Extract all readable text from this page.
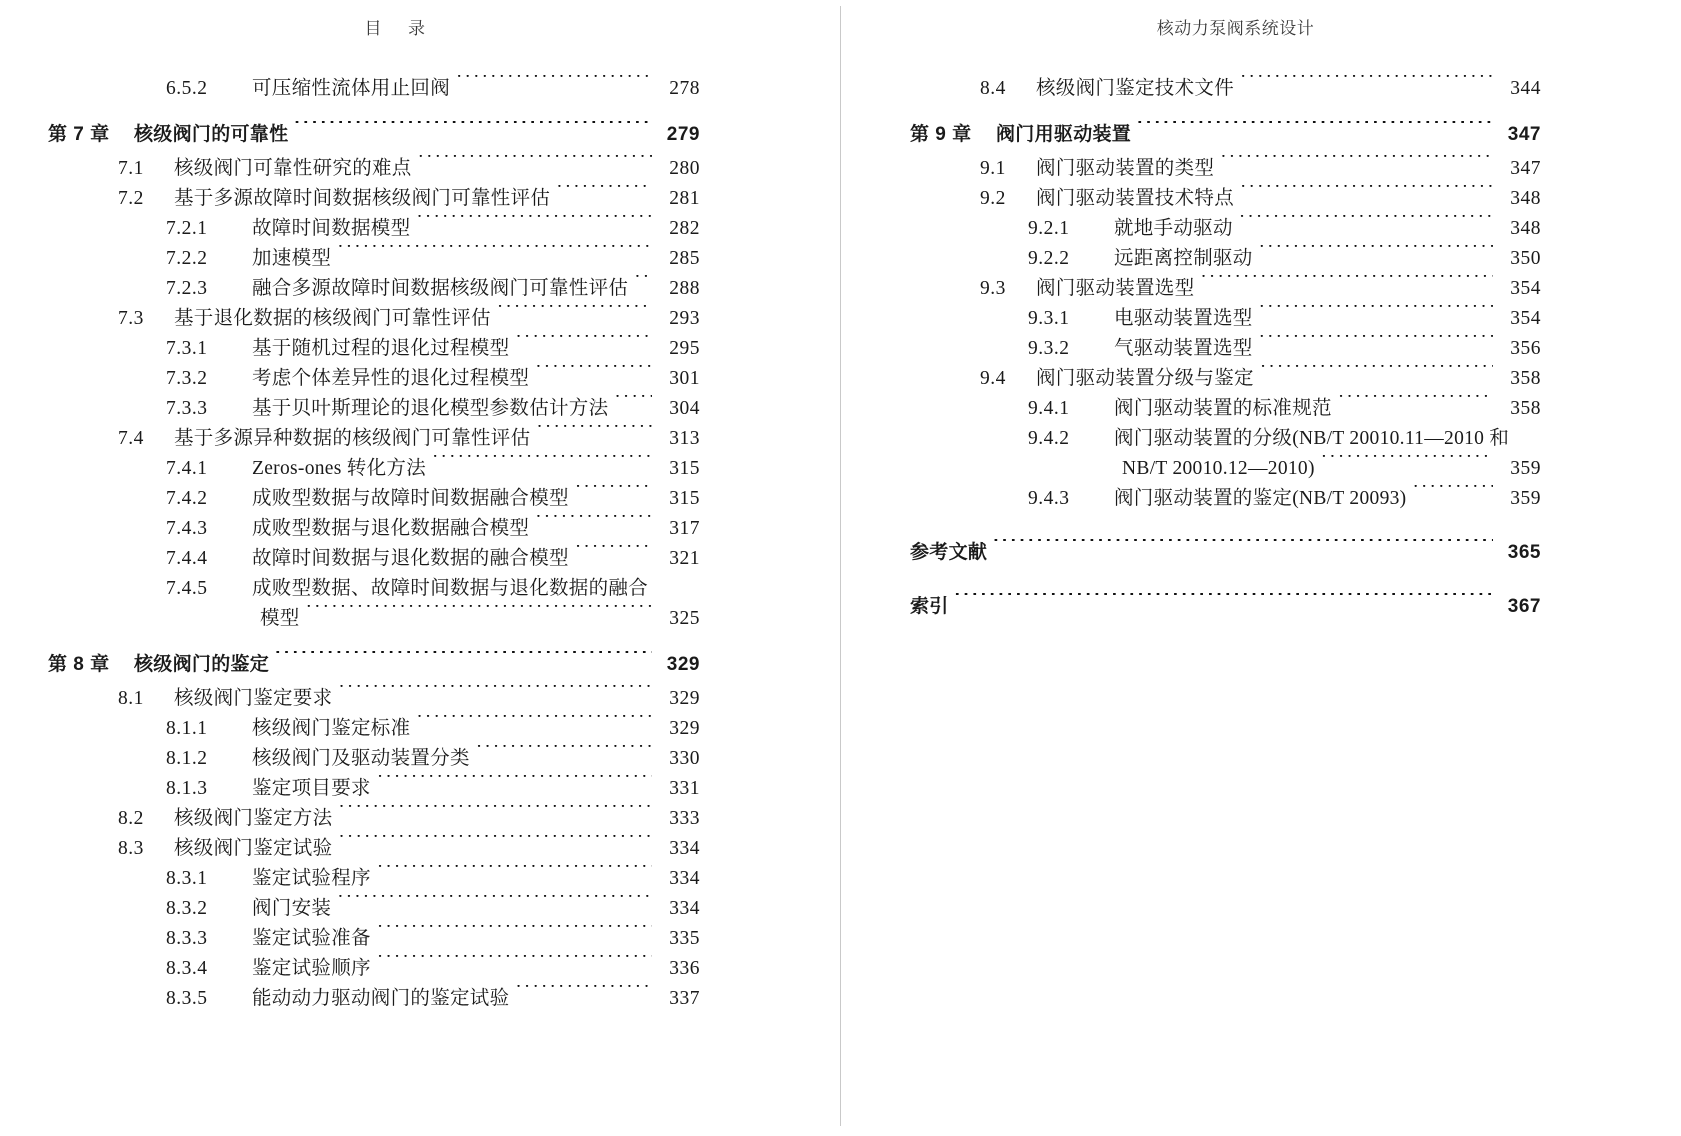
目 录	核动力泵阀系统设计
6.5.2	可压缩性流体用止回阀 ·····	278
第 7 章	核级阀门的可靠性 ·····	279
7.1	核级阀门可靠性研究的难点 ·····	280
7.2	基于多源故障时间数据核级阀门可靠性评估 ·····	281
7.2.1	故障时间数据模型 ·····	282
7.2.2	加速模型 ·····	285
7.2.3	融合多源故障时间数据核级阀门可靠性评估 ·····	288
7.3	基于退化数据的核级阀门可靠性评估 ·····	293
7.3.1	基于随机过程的退化过程模型 ·····	295
7.3.2	考虑个体差异性的退化过程模型 ·····	301
7.3.3	基于贝叶斯理论的退化模型参数估计方法 ·····	304
7.4	基于多源异种数据的核级阀门可靠性评估 ·····	313
7.4.1	Zeros-ones 转化方法 ·····	315
7.4.2	成败型数据与故障时间数据融合模型 ·····	315
7.4.3	成败型数据与退化数据融合模型 ·····	317
7.4.4	故障时间数据与退化数据的融合模型 ·····	321
7.4.5	成败型数据、故障时间数据与退化数据的融合
模型 ·····	325
第 8 章	核级阀门的鉴定 ·····	329
8.1	核级阀门鉴定要求 ·····	329
8.1.1	核级阀门鉴定标准 ·····	329
8.1.2	核级阀门及驱动装置分类 ·····	330
8.1.3	鉴定项目要求 ·····	331
8.2	核级阀门鉴定方法 ·····	333
8.3	核级阀门鉴定试验 ·····	334
8.3.1	鉴定试验程序 ·····	334
8.3.2	阀门安装 ·····	334
8.3.3	鉴定试验准备 ·····	335
8.3.4	鉴定试验顺序 ·····	336
8.3.5	能动动力驱动阀门的鉴定试验 ·····	337
8.4	核级阀门鉴定技术文件 ·····	344
第 9 章	阀门用驱动装置 ·····	347
9.1	阀门驱动装置的类型 ·····	347
9.2	阀门驱动装置技术特点 ·····	348
9.2.1	就地手动驱动 ·····	348
9.2.2	远距离控制驱动 ·····	350
9.3	阀门驱动装置选型 ·····	354
9.3.1	电驱动装置选型 ·····	354
9.3.2	气驱动装置选型 ·····	356
9.4	阀门驱动装置分级与鉴定 ·····	358
9.4.1	阀门驱动装置的标准规范 ·····	358
9.4.2	阀门驱动装置的分级(NB/T 20010.11—2010 和
NB/T 20010.12—2010) ·····	359
9.4.3	阀门驱动装置的鉴定(NB/T 20093) ·····	359
参考文献 ·····	365
索引 ·····	367
